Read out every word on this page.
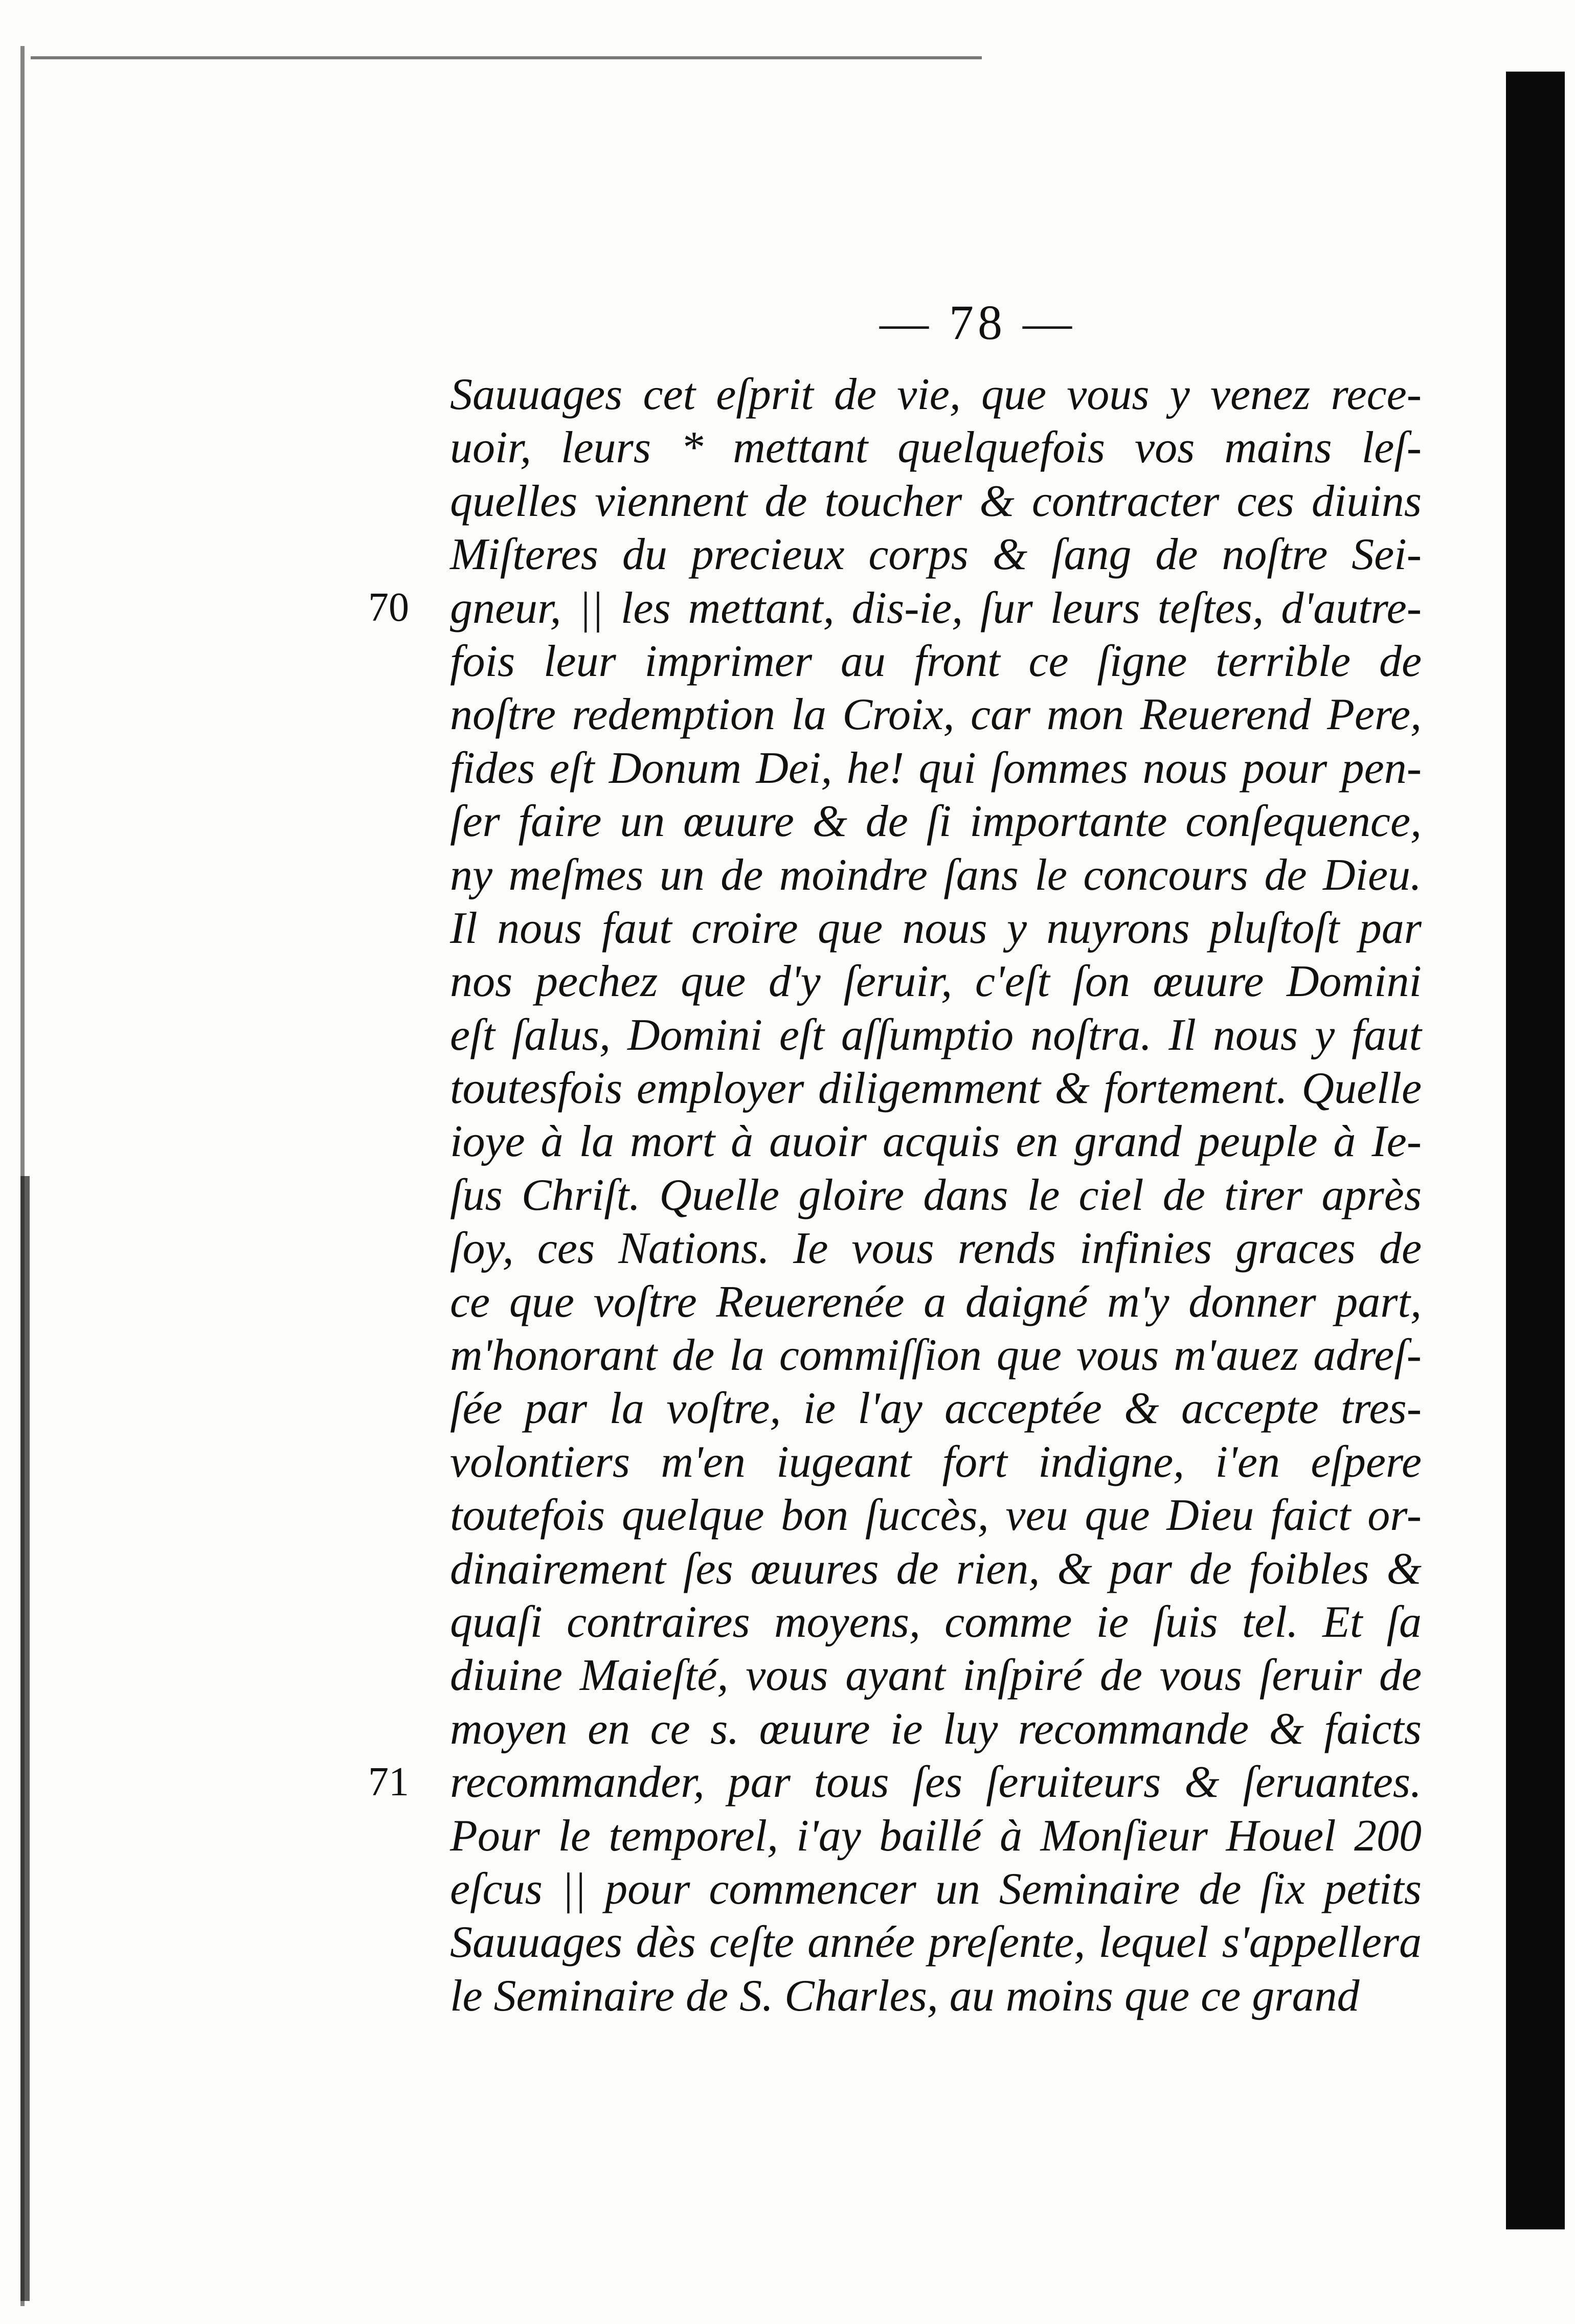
— 78 —
70
71
Sauuages cet eſprit de vie, que vous y venez rece-
uoir, leurs * mettant quelquefois vos mains leſ-
quelles viennent de toucher & contracter ces diuins
Miſteres du precieux corps & ſang de noſtre Sei-
gneur, || les mettant, dis-ie, ſur leurs teſtes, d'autre-
fois leur imprimer au front ce ſigne terrible de
noſtre redemption la Croix, car mon Reuerend Pere,
fides eſt Donum Dei, he! qui ſommes nous pour pen-
ſer faire un œuure & de ſi importante conſequence,
ny meſmes un de moindre ſans le concours de Dieu.
Il nous faut croire que nous y nuyrons pluſtoſt par
nos pechez que d'y ſeruir, c'eſt ſon œuure Domini
eſt ſalus, Domini eſt aſſumptio noſtra. Il nous y faut
toutesfois employer diligemment & fortement. Quelle
ioye à la mort à auoir acquis en grand peuple à Ie-
ſus Chriſt. Quelle gloire dans le ciel de tirer après
ſoy, ces Nations. Ie vous rends infinies graces de
ce que voſtre Reuerenée a daigné m'y donner part,
m'honorant de la commiſſion que vous m'auez adreſ-
ſée par la voſtre, ie l'ay acceptée & accepte tres-
volontiers m'en iugeant fort indigne, i'en eſpere
toutefois quelque bon ſuccès, veu que Dieu faict or-
dinairement ſes œuures de rien, & par de foibles &
quaſi contraires moyens, comme ie ſuis tel. Et ſa
diuine Maieſté, vous ayant inſpiré de vous ſeruir de
moyen en ce s. œuure ie luy recommande & faicts
recommander, par tous ſes ſeruiteurs & ſeruantes.
Pour le temporel, i'ay baillé à Monſieur Houel 200
eſcus || pour commencer un Seminaire de ſix petits
Sauuages dès ceſte année preſente, lequel s'appellera
le Seminaire de S. Charles, au moins que ce grand
